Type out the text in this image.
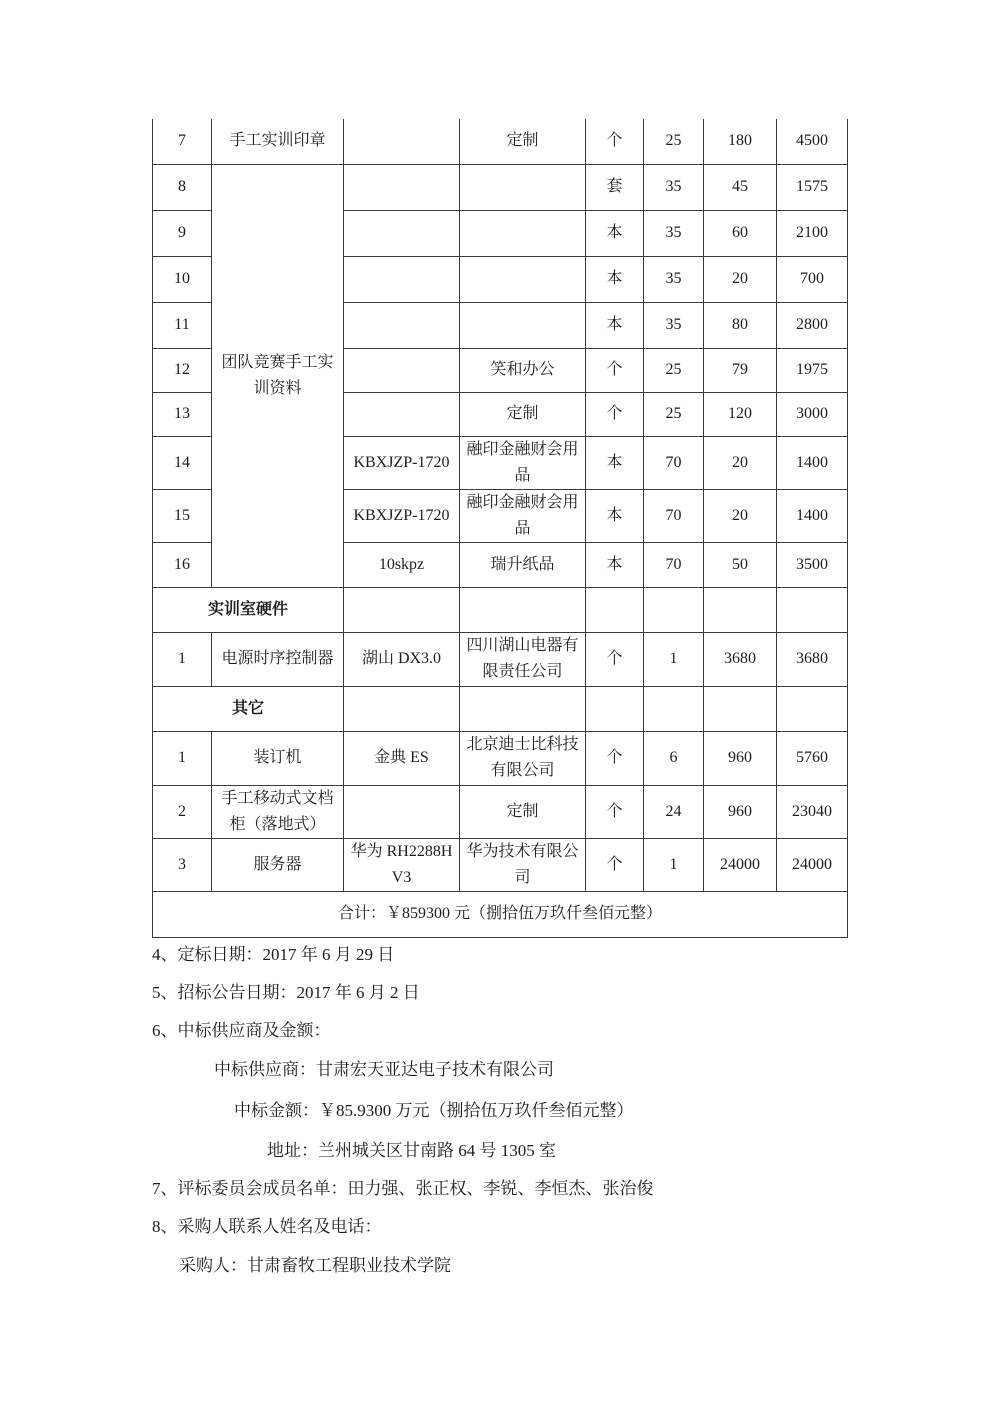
7	手工实训印章		定制	个	25	180	4500
8	团队竞赛手工实训资料			套	35	45	1575
9				本	35	60	2100
10				本	35	20	700
11				本	35	80	2800
12			笑和办公	个	25	79	1975
13			定制	个	25	120	3000
14		KBXJZP-1720	融印金融财会用品	本	70	20	1400
15		KBXJZP-1720	融印金融财会用品	本	70	20	1400
16		10skpz	瑞升纸品	本	70	50	3500
实训室硬件							
1	电源时序控制器	湖山 DX3.0	四川湖山电器有限责任公司	个	1	3680	3680
其它							
1	装订机	金典 ES	北京迪士比科技有限公司	个	6	960	5760
2	手工移动式文档柜（落地式）		定制	个	24	960	23040
3	服务器	华为 RH2288H V3	华为技术有限公司	个	1	24000	24000
合计：￥859300 元（捌拾伍万玖仟叁佰元整）							
4、定标日期：2017 年 6 月 29 日
5、招标公告日期：2017 年 6 月 2 日
6、中标供应商及金额：
中标供应商：甘肃宏天亚达电子技术有限公司
中标金额：￥85.9300 万元（捌拾伍万玖仟叁佰元整）
地址：兰州城关区甘南路 64 号 1305 室
7、评标委员会成员名单：田力强、张正权、李锐、李恒杰、张治俊
8、采购人联系人姓名及电话：
采购人：甘肃畜牧工程职业技术学院
